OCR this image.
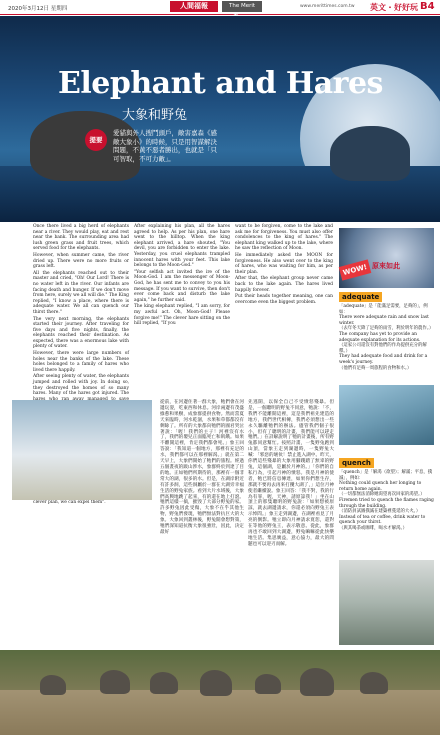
2020年3月12日 星期四	人間福報	The Merit	www.merittimes.com.tw 英文・好好玩 B4
Elephant and Hares
大象和野兔
提要
愛貓與外人搜鬥頭戶，敵害嘉森《感敵大象小》的時候，只是用智謀解決問題，不黃不惡者勝出，也就是「只可智取，不可力敵」。

Once there lived a big herd of elephants near a river. They would play, eat and rest near the bank. The surrounding area had lush green grass and fruit trees, which served food for the elephants.

However, when summer came, the river dried up. There were no more fruits or grass left.

All the elephants reached out to their master and cried, "Oh! Our Lord! There is no water left in the river. Our infants are facing death and hunger. If we don't move from here, surely we all will die." The King replied, "I know a place, where there is adequate water. We all can quench our thirst there."

The very next morning, the elephants started their journey. After traveling for five days and five nights, finally, the elephants reached their destination. As expected, there was a enormous lake with plenty of water.

However, there were large numbers of holes near the banks of the lake. These holes belonged to a family of hares who lived there happily.

After seeing plenty of water, the elephants jumped and rolled with joy. In doing so, they destroyed the homes of so many hares. Many of the hares got injured. The

clever plan, we can expel them".

After explaining his plan, all the hares agreed to help. As per his plan, one hare went to the hilltop. When the king elephant arrived, a hare shouted, "You devil, you are forbidden to enter the lake. Yesterday, you cruel elephants trampled innocent hares with your feet. This lake belongs to the Moon-God."

"Your selfish act invited the ire of the Moon-God. I am the messenger of Moon-God, he has sent me to convey to you his message. If you want to survive, then don't ever come back and disturb the lake again," he further said.

The king elephant replied, "I am sorry, for my awful act. Oh, Moon-God! Please forgive me!" The clever hare sitting on the hill replied, "If you

want to be forgiven, come to the lake and ask me for forgiveness. You must also offer condolences to the king of hares." The elephant king walked up to the lake, where he saw the reflection of Moon.

He immediately asked the MOON for forgiveness. He also went over to the king of hares, who was waiting for him, as per their plan.

After that, the elephant group never came back to the lake again. The hares lived happily forever.

Put their heads together meaning, one can overcome even the biggest problem.

從前，在河邊住著一群大象，牠們會在河邊玩耍，吃東西和休息。河岸兩邊有茂盛綠蔥和果樹，成象群提供食物。然而當夏天來臨時，河水乾涸，水果和草都都沒有剩餘了。所有的大象都向牠們的國君哭泣著說：「喔！我們的主子！河裡沒有水了，我們的嬰兒正面臨死亡和飢餓。如果不離開這裡，肯定我們都會死。」象王回答說：「我知道一個地方，那裡有充足的水，我們都可以在那裡解渴。」就在第二天早上，大象們開始了牠們的旅程。經過五個晝夜的跋山涉水，象群終於到達了目的地。正如牠們所期待的，那裡有一個非常大的湖，很多的水。但是，在湖岸附近有許多洞，這些洞屬於一群在大湖旁幸福生活的野兔家族。看到大片水域後，大象們高興地跳了起來，有的還在地上打滾。牠們這樣一搞，摧毀了大部分野兔的家。許多野兔因此受傷，大象不在乎其他生物，野兔們發現，牠們無法對抗巨大的大象。大象回到叢林後，野兔開會想對策，牠們深知道抗衡大象很強壯，因此，決定最好
先逃開，以保全自己不受憤怒殘暴。但是，一個聰明的野兔不同意，牠說：「不，我們不能離開這裡，這是我們祖先建造的地方，我們世代相傳，我們必須想出一些永久驅離牠們的辦法。儘管我們個子很小，但有了聰明的計畫，我們能可以趕走牠們。」在詳解說明了牠的計畫後，所有野兔都同意幫忙。按照計畫，一隻野兔跑到山頂，當象王走到湖邊時，一隻野兔大喊：「邪惡的壞伙！禁止進入湖中。昨天，你們這些殘暴的大象用腳踐踏了無辜的野兔，這個湖，是屬於月神的。」「你們的自私行為，引起月神的憤怒。我是月神的使者，牠已將信息傳達，如果你們想生存，那就不要再去再來打擾大湖了，」這位月神使者繼續說。象王回答：「我不對，我的行為有罪，喔，天神，請原諒我！」坐在山頂上的那隻聰明的野兔說：「如果想被原諒，就去湖邊請求，你還必須向野兔王表示悼問。」象王走到湖邊，在湖裡看見了月亮的倒影。牠立即向月神請求寬恕，還對在等他的野兔王，表示敬意。從此，象群再也不敢回到大湖邊，野兔嘛嘛從此快樂地生活。集思廣益，意心協力，最大的問題也可以迎刃而解。
WOW! 原來如此
adequate
「adequate」是「能滿足需要，足夠的」，例如：
There were adequate rain and snow last winter.
（去年冬天降了足夠的雨雪，利於明年的農作。）
The company has yet to provide an adequate explanation for its actions.
（這家公司還沒有對他們的作為提供充分的解釋。）
They had adequate food and drink for a week's journey.
（他們有足夠一周旅程的食物和水。）
quench
「quench」是「解渴（欲望）；解滿；平息，撲滅」，例如：
Nothing could quench her longing to return home again.
（一切都無法消除她渴望再次回家的渴望。）
Firemen tried to quench the flames raging through the building.
（消防員試圖撲滅在建築裡蔓延的大火。）
Instead of tea or coffee, drink water to quench your thirst.
（與其喝茶或咖啡，喝水才解渴。）
